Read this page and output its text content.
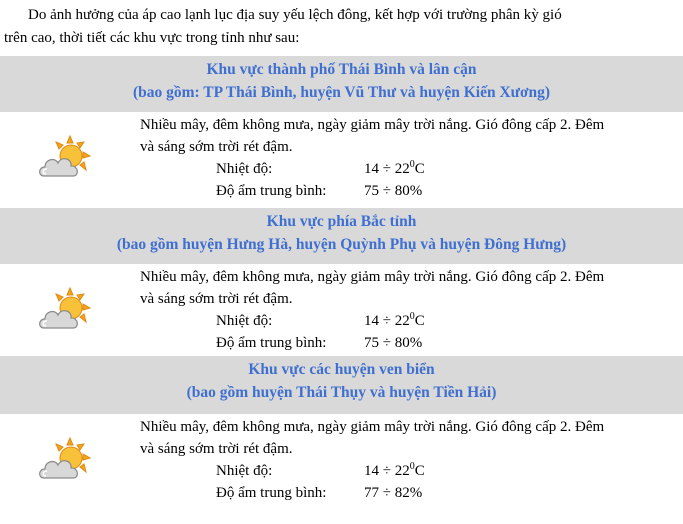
Do ảnh hưởng của áp cao lạnh lục địa suy yếu lệch đông, kết hợp với trường phân kỳ gió

trên cao, thời tiết các khu vực trong tỉnh như sau:

Khu vực thành phố Thái Bình và lân cận
(bao gồm: TP Thái Bình, huyện Vũ Thư và huyện Kiến Xương)

Nhiều mây, đêm không mưa, ngày giảm mây trời nắng. Gió đông cấp 2. Đêm

và sáng sớm trời rét đậm.

Nhiệt độ:	$14 \div 22^0C$
Độ ẩm trung bình:	75 ÷ 80%
Khu vực phía Bắc tỉnh
(bao gồm huyện Hưng Hà, huyện Quỳnh Phụ và huyện Đông Hưng)

Nhiều mây, đêm không mưa, ngày giảm mây trời nắng. Gió đông cấp 2. Đêm

và sáng sớm trời rét đậm.

Nhiệt độ:	$14 \div 22^0C$
Độ ẩm trung bình:	75 ÷ 80%
Khu vực các huyện ven biển
(bao gồm huyện Thái Thụy và huyện Tiền Hải)

Nhiều mây, đêm không mưa, ngày giảm mây trời nắng. Gió đông cấp 2. Đêm

và sáng sớm trời rét đậm.

Nhiệt độ:	$14 \div 22^0C$
Độ ẩm trung bình:	77 ÷ 82%
